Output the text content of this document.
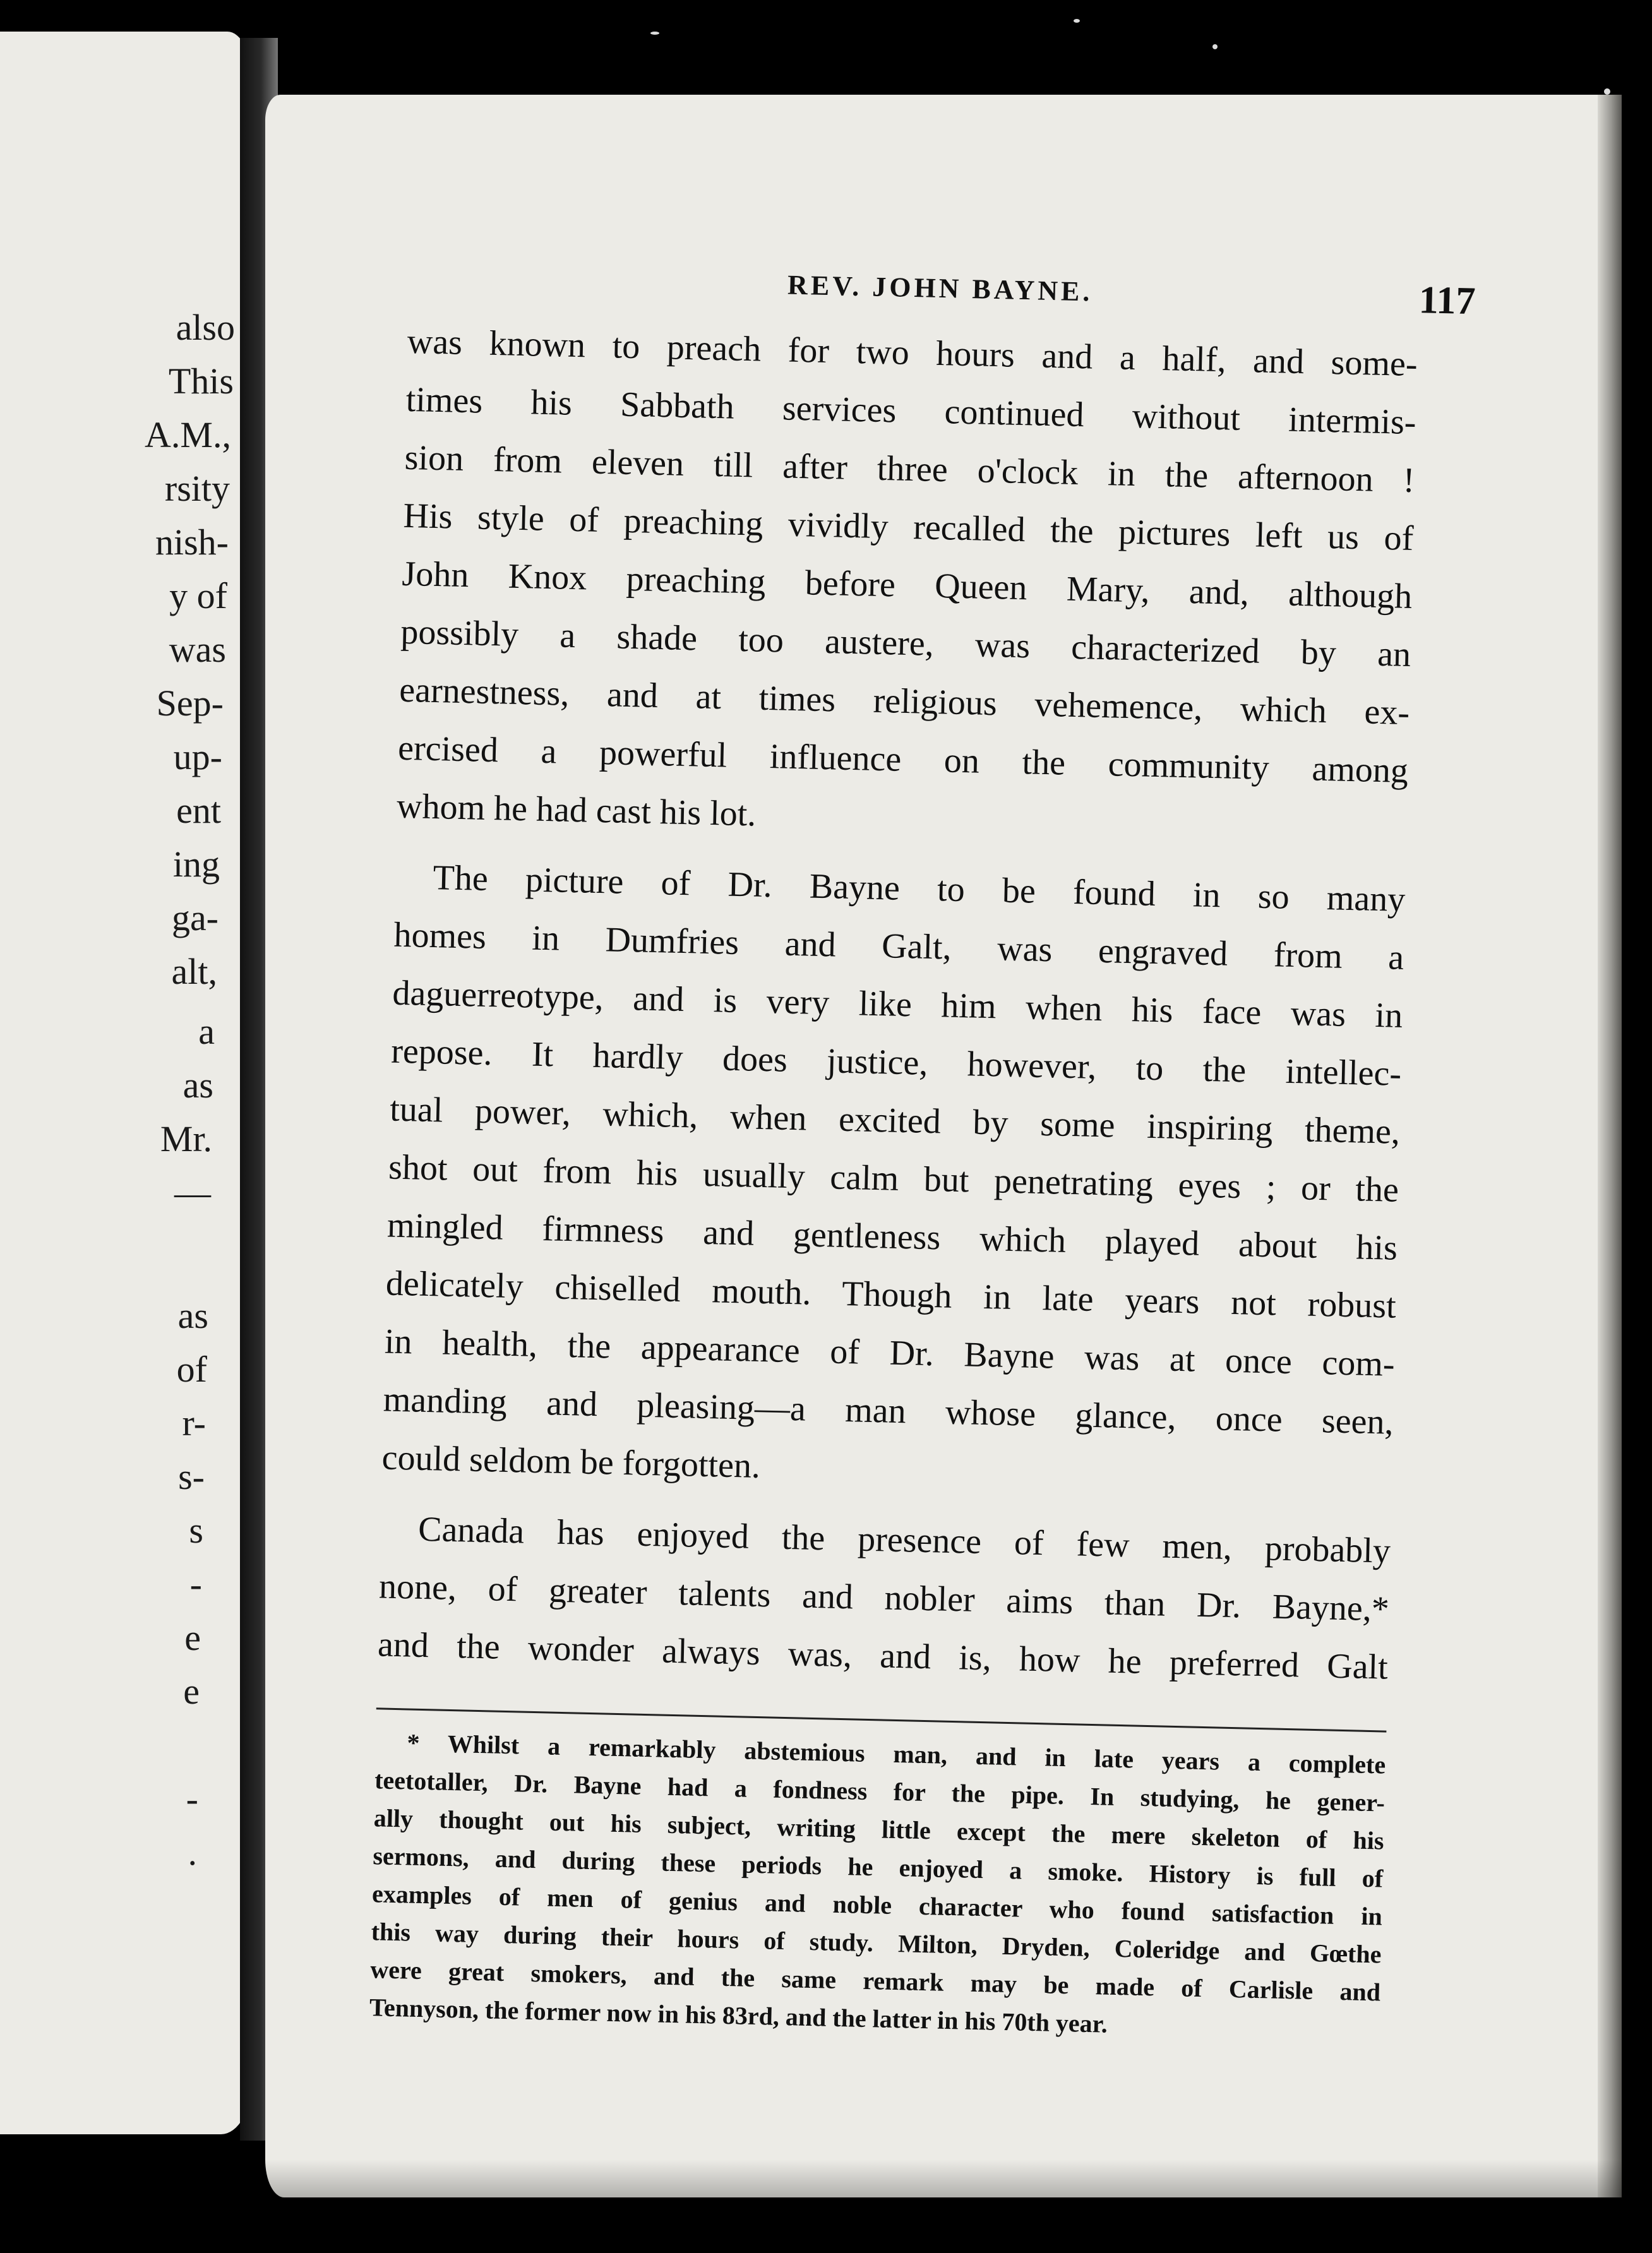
also
This
A.M.,
rsity
nish-
y of
was
Sep-
up-
ent
ing
ga-
alt,
a
as
Mr.
—
as
of
r-
s-
s
-
e
e
-
.
REV. JOHN BAYNE.	117
was known to preach for two hours and a half, and some-
times his Sabbath services continued without intermis-
sion from eleven till after three o'clock in the afternoon !
His style of preaching vividly recalled the pictures left us of
John Knox preaching before Queen Mary, and, although
possibly a shade too austere, was characterized by an
earnestness, and at times religious vehemence, which ex-
ercised a powerful influence on the community among
whom he had cast his lot.
The picture of Dr. Bayne to be found in so many
homes in Dumfries and Galt, was engraved from a
daguerreotype, and is very like him when his face was in
repose. It hardly does justice, however, to the intellec-
tual power, which, when excited by some inspiring theme,
shot out from his usually calm but penetrating eyes ; or the
mingled firmness and gentleness which played about his
delicately chiselled mouth. Though in late years not robust
in health, the appearance of Dr. Bayne was at once com-
manding and pleasing—a man whose glance, once seen,
could seldom be forgotten.
Canada has enjoyed the presence of few men, probably
none, of greater talents and nobler aims than Dr. Bayne,*
and the wonder always was, and is, how he preferred Galt
* Whilst a remarkably abstemious man, and in late years a complete
teetotaller, Dr. Bayne had a fondness for the pipe. In studying, he gener-
ally thought out his subject, writing little except the mere skeleton of his
sermons, and during these periods he enjoyed a smoke. History is full of
examples of men of genius and noble character who found satisfaction in
this way during their hours of study. Milton, Dryden, Coleridge and Gœthe
were great smokers, and the same remark may be made of Carlisle and
Tennyson, the former now in his 83rd, and the latter in his 70th year.
